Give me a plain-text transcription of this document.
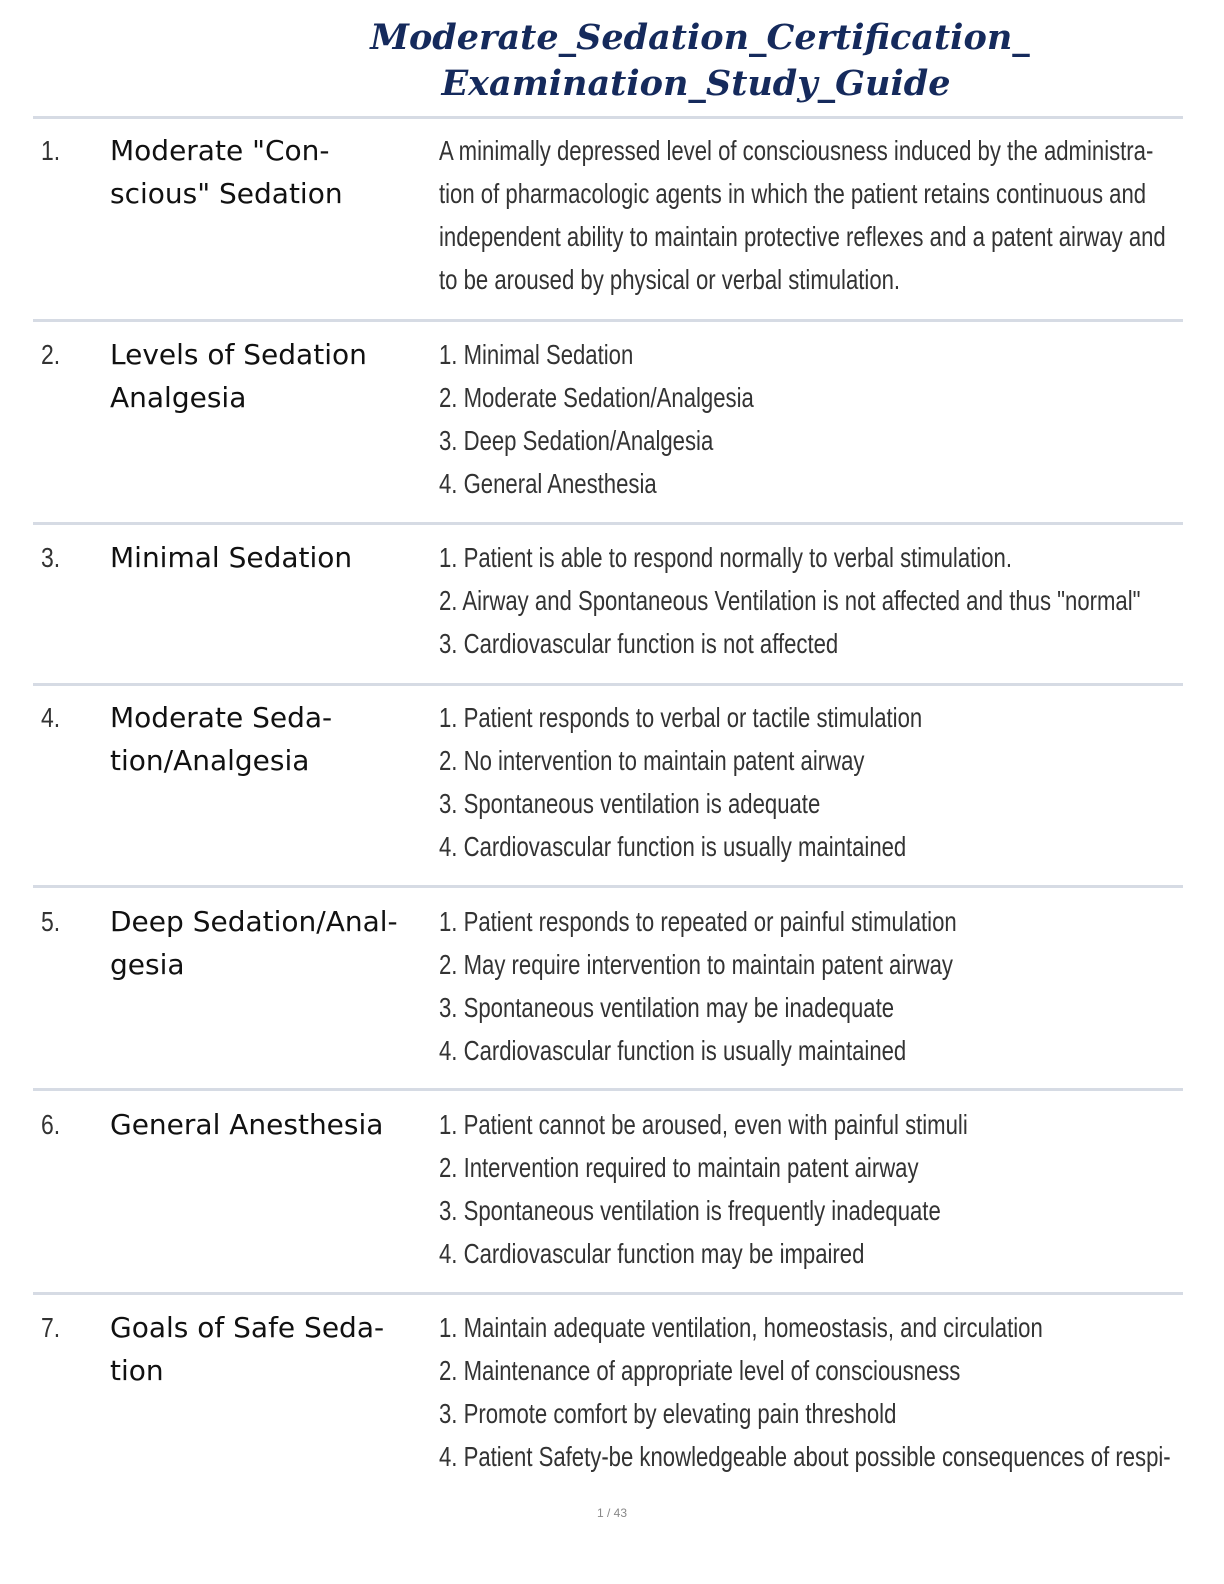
Moderate_Sedation_Certification_
Examination_Study_Guide
1. Moderate "Con-
scious" Sedation
A minimally depressed level of consciousness induced by the administra-
tion of pharmacologic agents in which the patient retains continuous and
independent ability to maintain protective reflexes and a patent airway and
to be aroused by physical or verbal stimulation.
2. Levels of Sedation
Analgesia
1. Minimal Sedation
2. Moderate Sedation/Analgesia
3. Deep Sedation/Analgesia
4. General Anesthesia
3. Minimal Sedation	1. Patient is able to respond normally to verbal stimulation.
2. Airway and Spontaneous Ventilation is not affected and thus "normal"
3. Cardiovascular function is not affected
4. Moderate Seda-
tion/Analgesia
1. Patient responds to verbal or tactile stimulation
2. No intervention to maintain patent airway
3. Spontaneous ventilation is adequate
4. Cardiovascular function is usually maintained
5. Deep Sedation/Anal-
gesia
1. Patient responds to repeated or painful stimulation
2. May require intervention to maintain patent airway
3. Spontaneous ventilation may be inadequate
4. Cardiovascular function is usually maintained
6. General Anesthesia	1. Patient cannot be aroused, even with painful stimuli
2. Intervention required to maintain patent airway
3. Spontaneous ventilation is frequently inadequate
4. Cardiovascular function may be impaired
7. Goals of Safe Seda-
tion
1. Maintain adequate ventilation, homeostasis, and circulation
2. Maintenance of appropriate level of consciousness
3. Promote comfort by elevating pain threshold
4. Patient Safety-be knowledgeable about possible consequences of respi-
1 / 43
